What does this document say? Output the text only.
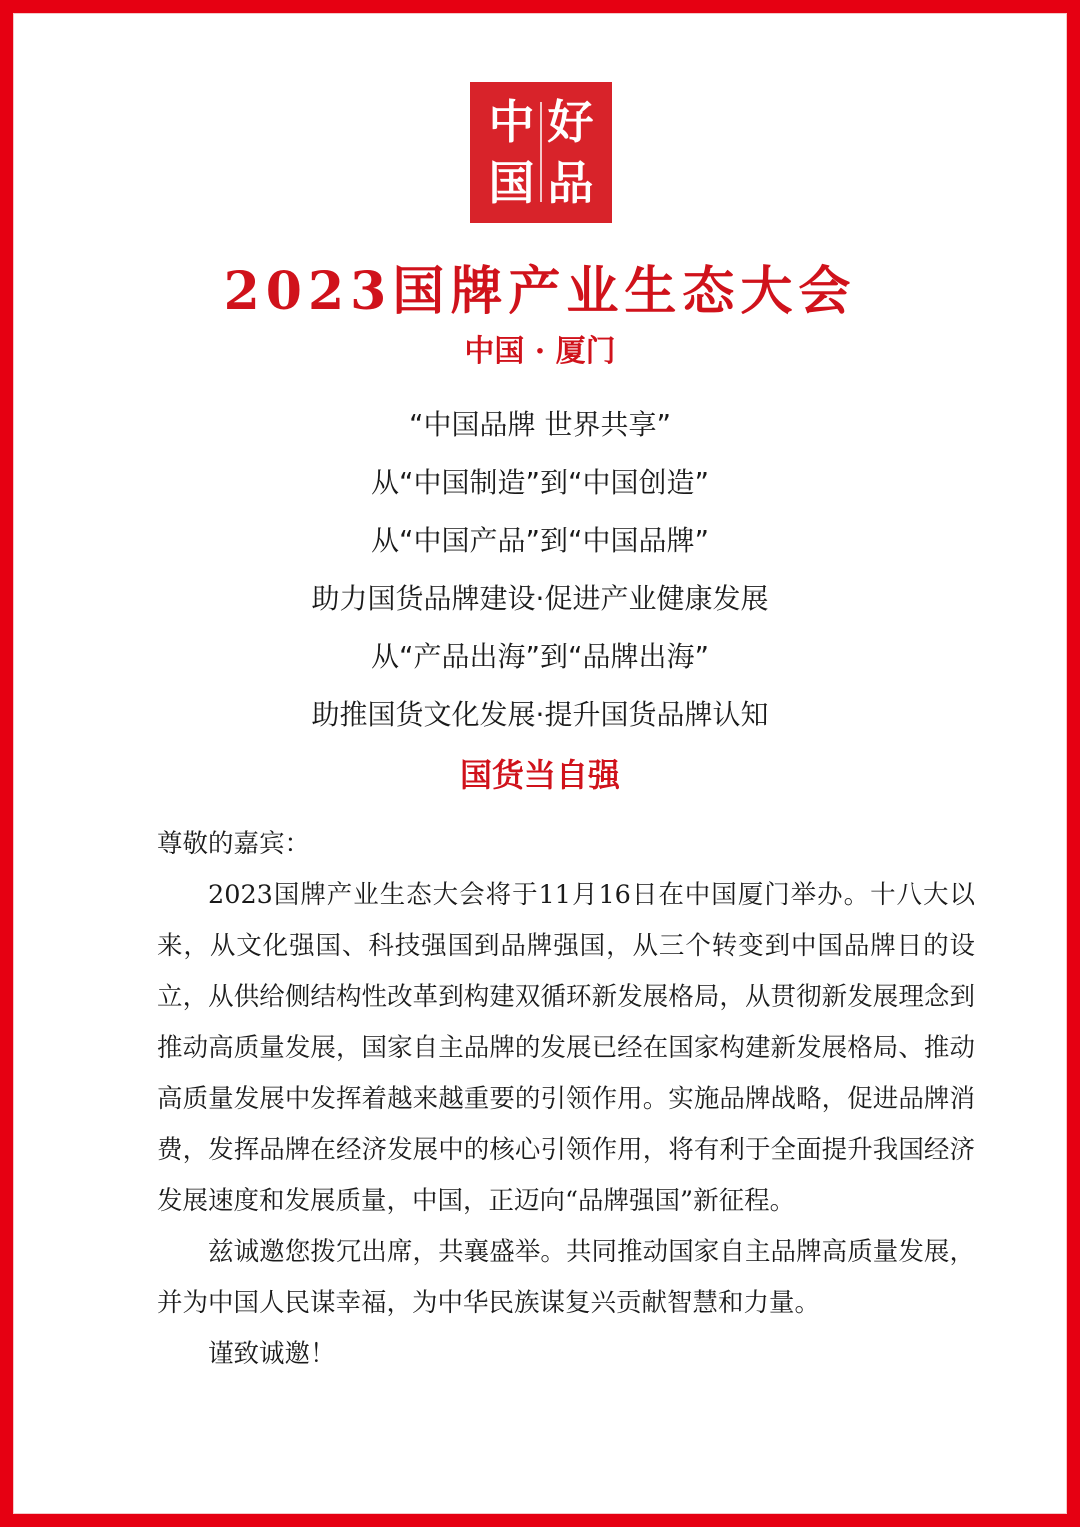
中 好
国 品
2023国牌产业生态大会
中国 · 厦门
“中国品牌 世界共享”
从“中国制造”到“中国创造”
从“中国产品”到“中国品牌”
助力国货品牌建设·促进产业健康发展
从“产品出海”到“品牌出海”
助推国货文化发展·提升国货品牌认知
国货当自强

尊敬的嘉宾：

2023国牌产业生态大会将于11月16日在中国厦门举办。十八大以来，从文化强国、科技强国到品牌强国，从三个转变到中国品牌日的设立，从供给侧结构性改革到构建双循环新发展格局，从贯彻新发展理念到推动高质量发展，国家自主品牌的发展已经在国家构建新发展格局、推动高质量发展中发挥着越来越重要的引领作用。实施品牌战略，促进品牌消费，发挥品牌在经济发展中的核心引领作用，将有利于全面提升我国经济发展速度和发展质量，中国，正迈向“品牌强国”新征程。

兹诚邀您拨冗出席，共襄盛举。共同推动国家自主品牌高质量发展，并为中国人民谋幸福，为中华民族谋复兴贡献智慧和力量。

谨致诚邀！
